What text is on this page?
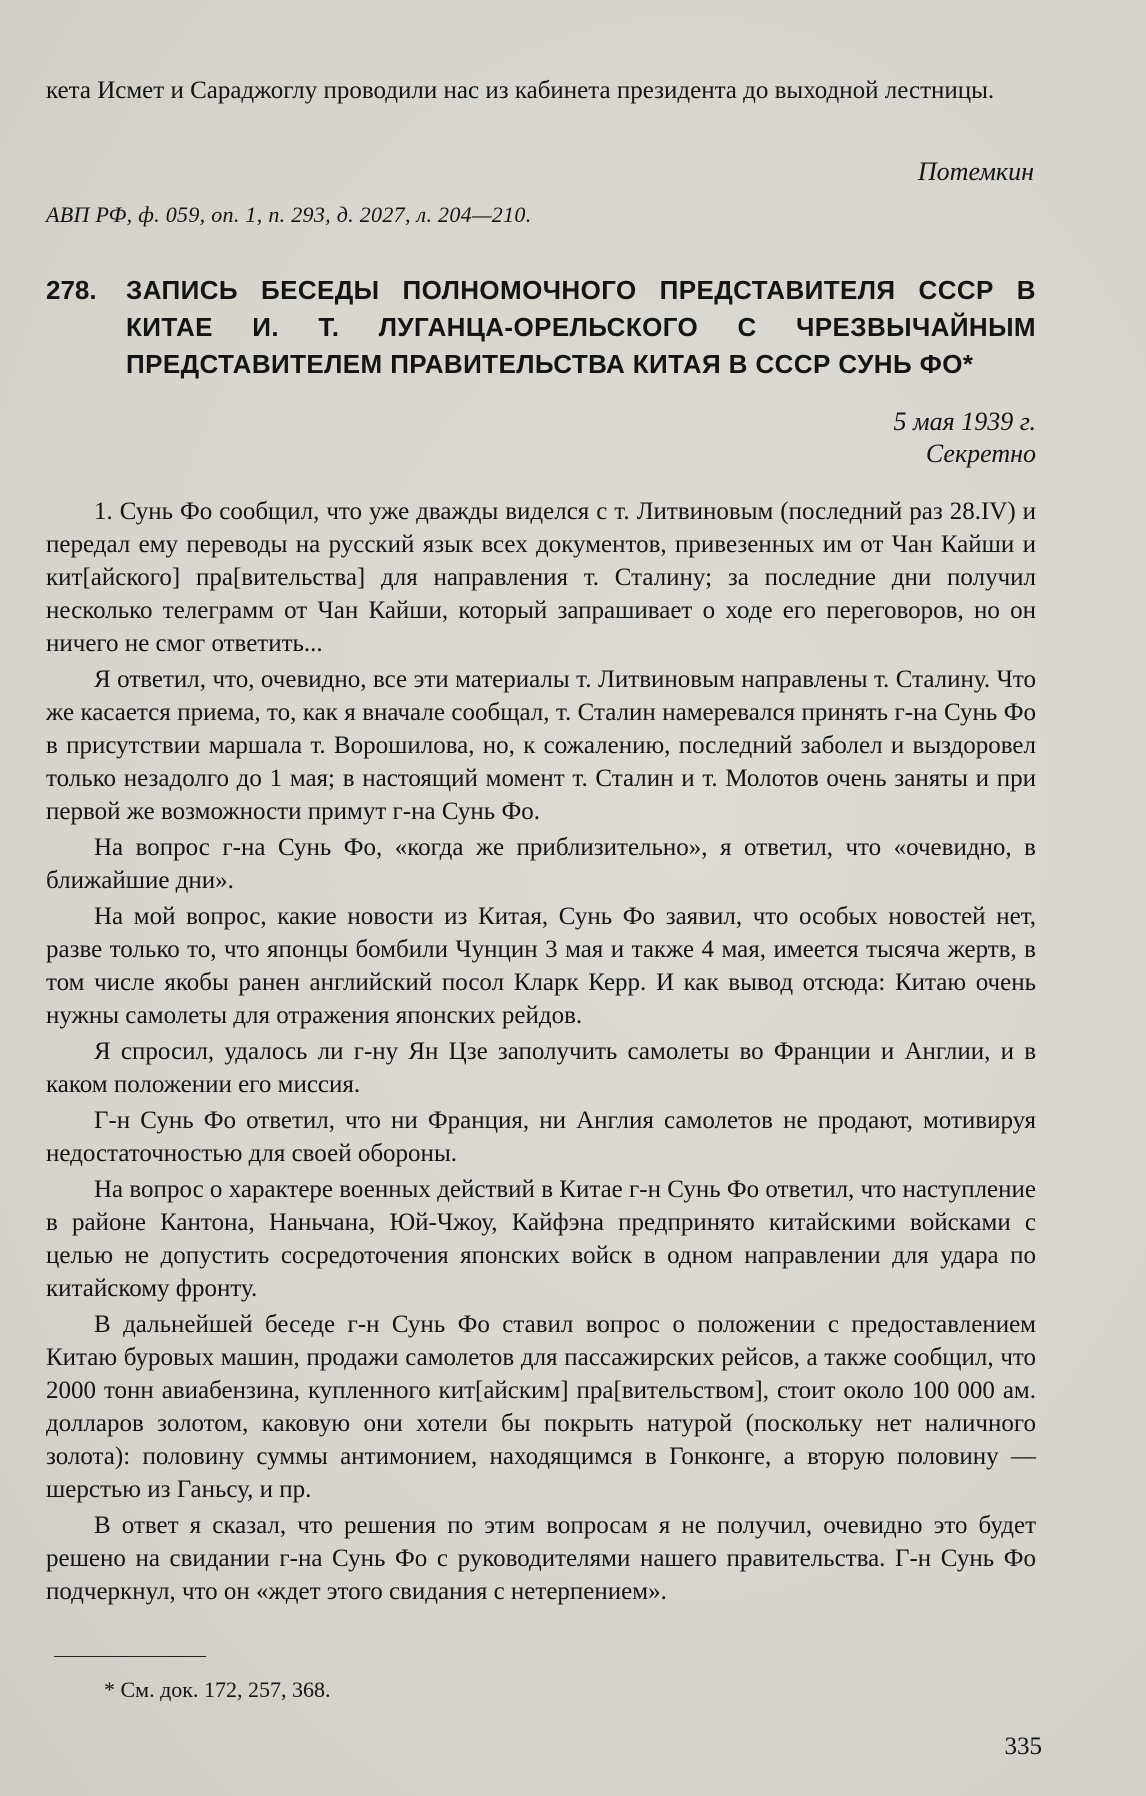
кета Исмет и Сараджоглу проводили нас из кабинета президента до выходной лестницы.

Потемкин
АВП РФ, ф. 059, оп. 1, п. 293, д. 2027, л. 204—210.
278. ЗАПИСЬ БЕСЕДЫ ПОЛНОМОЧНОГО ПРЕДСТАВИТЕЛЯ СССР В КИТАЕ И. Т. ЛУГАНЦА-ОРЕЛЬСКОГО С ЧРЕЗВЫЧАЙНЫМ ПРЕДСТАВИТЕЛЕМ ПРАВИТЕЛЬСТВА КИТАЯ В СССР СУНЬ ФО*
5 мая 1939 г.
Секретно

1. Сунь Фо сообщил, что уже дважды виделся с т. Литвиновым (последний раз 28.IV) и передал ему переводы на русский язык всех документов, привезенных им от Чан Кайши и кит[айского] пра[вительства] для направления т. Сталину; за последние дни получил несколько телеграмм от Чан Кайши, который запрашивает о ходе его переговоров, но он ничего не смог ответить...

Я ответил, что, очевидно, все эти материалы т. Литвиновым направлены т. Сталину. Что же касается приема, то, как я вначале сообщал, т. Сталин намеревался принять г-на Сунь Фо в присутствии маршала т. Ворошилова, но, к сожалению, последний заболел и выздоровел только незадолго до 1 мая; в настоящий момент т. Сталин и т. Молотов очень заняты и при первой же возможности примут г-на Сунь Фо.

На вопрос г-на Сунь Фо, «когда же приблизительно», я ответил, что «очевидно, в ближайшие дни».

На мой вопрос, какие новости из Китая, Сунь Фо заявил, что особых новостей нет, разве только то, что японцы бомбили Чунцин 3 мая и также 4 мая, имеется тысяча жертв, в том числе якобы ранен английский посол Кларк Керр. И как вывод отсюда: Китаю очень нужны самолеты для отражения японских рейдов.

Я спросил, удалось ли г-ну Ян Цзе заполучить самолеты во Франции и Англии, и в каком положении его миссия.

Г-н Сунь Фо ответил, что ни Франция, ни Англия самолетов не продают, мотивируя недостаточностью для своей обороны.

На вопрос о характере военных действий в Китае г-н Сунь Фо ответил, что наступление в районе Кантона, Наньчана, Юй-Чжоу, Кайфэна предпринято китайскими войсками с целью не допустить сосредоточения японских войск в одном направлении для удара по китайскому фронту.

В дальнейшей беседе г-н Сунь Фо ставил вопрос о положении с предоставлением Китаю буровых машин, продажи самолетов для пассажирских рейсов, а также сообщил, что 2000 тонн авиабензина, купленного кит[айским] пра[вительством], стоит около 100 000 ам. долларов золотом, каковую они хотели бы покрыть натурой (поскольку нет наличного золота): половину суммы антимонием, находящимся в Гонконге, а вторую половину — шерстью из Ганьсу, и пр.

В ответ я сказал, что решения по этим вопросам я не получил, очевидно это будет решено на свидании г-на Сунь Фо с руководителями нашего правительства. Г-н Сунь Фо подчеркнул, что он «ждет этого свидания с нетерпением».

* См. док. 172, 257, 368.
335
